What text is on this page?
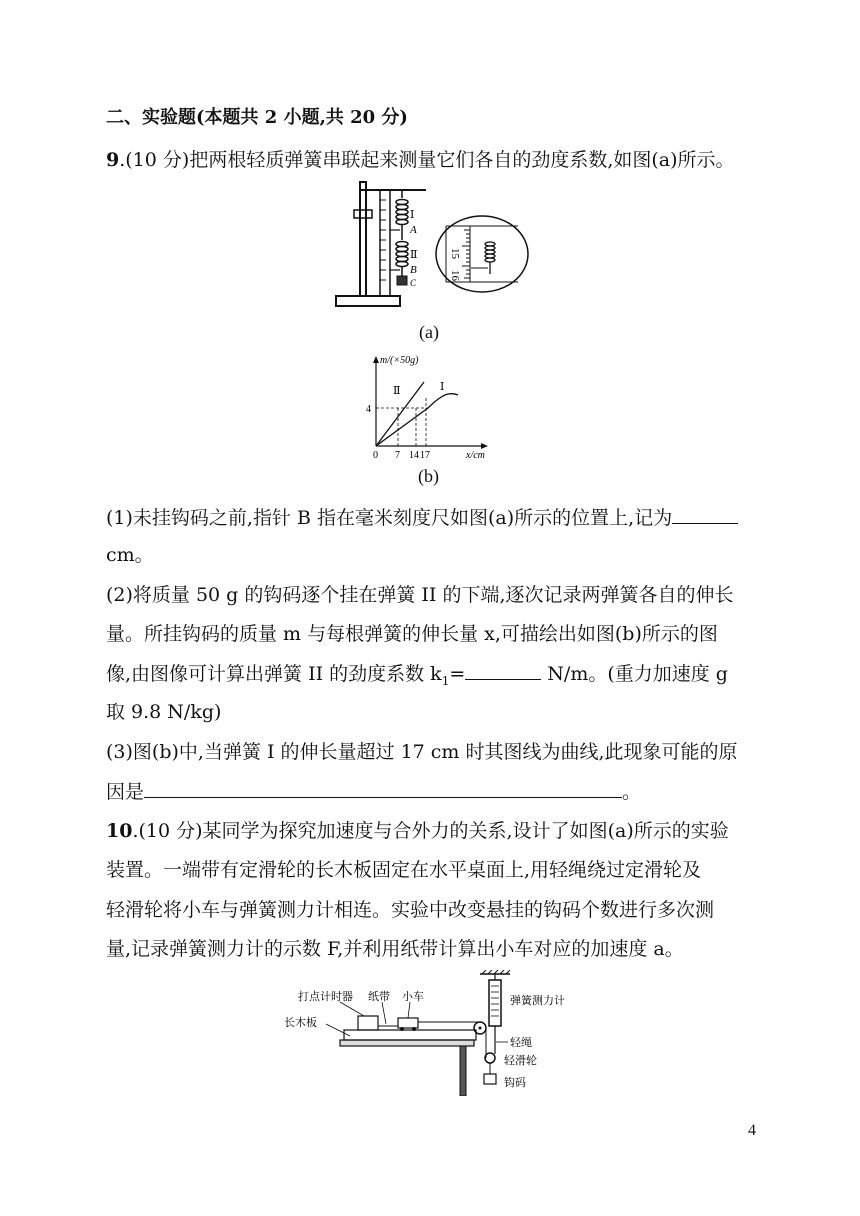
二、实验题(本题共 2 小题,共 20 分)
9.(10 分)把两根轻质弹簧串联起来测量它们各自的劲度系数,如图(a)所示。
Ⅰ
A
Ⅱ
B
C
15
16
(a)
m/(×50g)
x/cm
Ⅱ	Ⅰ
4
0 7 14 17
(b)
(1)未挂钩码之前,指针 B 指在毫米刻度尺如图(a)所示的位置上,记为
cm。
(2)将质量 50 g 的钩码逐个挂在弹簧 II 的下端,逐次记录两弹簧各自的伸长
量。所挂钩码的质量 m 与每根弹簧的伸长量 x,可描绘出如图(b)所示的图
像,由图像可计算出弹簧 II 的劲度系数 $k_1=$	N/m。(重力加速度 g
取 9.8 N/kg)
(3)图(b)中,当弹簧 I 的伸长量超过 17 cm 时其图线为曲线,此现象可能的原
因是	。
10.(10 分)某同学为探究加速度与合外力的关系,设计了如图(a)所示的实验
装置。一端带有定滑轮的长木板固定在水平桌面上,用轻绳绕过定滑轮及
轻滑轮将小车与弹簧测力计相连。实验中改变悬挂的钩码个数进行多次测
量,记录弹簧测力计的示数 F,并利用纸带计算出小车对应的加速度 a。
打点计时器 纸带 小车
长木板
弹簧测力计
轻绳
轻滑轮
钩码
4
